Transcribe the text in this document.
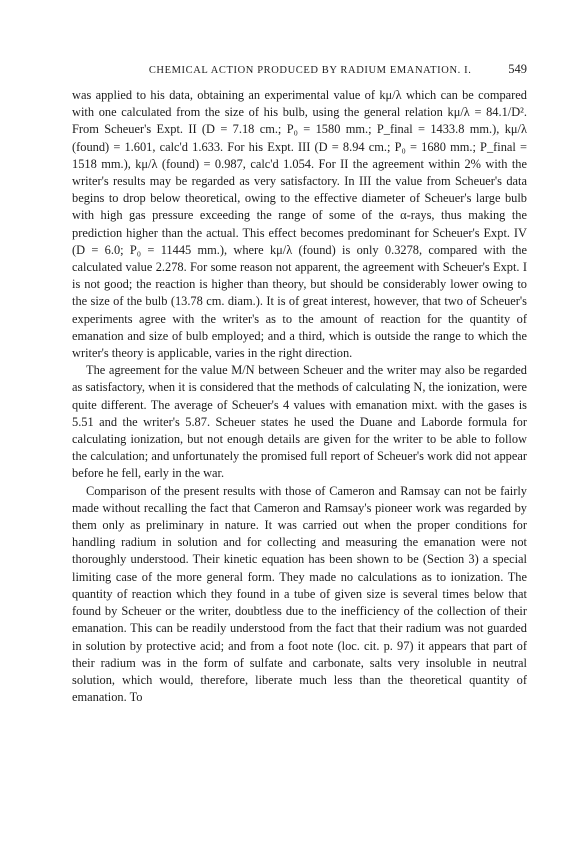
CHEMICAL ACTION PRODUCED BY RADIUM EMANATION. I.	549

was applied to his data, obtaining an experimental value of kμ/λ which can be compared with one calculated from the size of his bulb, using the general relation kμ/λ = 84.1/D². From Scheuer's Expt. II (D = 7.18 cm.; P₀ = 1580 mm.; P_final = 1433.8 mm.), kμ/λ (found) = 1.601, calc'd 1.633. For his Expt. III (D = 8.94 cm.; P₀ = 1680 mm.; P_final = 1518 mm.), kμ/λ (found) = 0.987, calc'd 1.054. For II the agreement within 2% with the writer's results may be regarded as very satisfactory. In III the value from Scheuer's data begins to drop below theoretical, owing to the effective diameter of Scheuer's large bulb with high gas pressure exceeding the range of some of the α-rays, thus making the prediction higher than the actual. This effect becomes predominant for Scheuer's Expt. IV (D = 6.0; P₀ = 11445 mm.), where kμ/λ (found) is only 0.3278, compared with the calculated value 2.278. For some reason not apparent, the agreement with Scheuer's Expt. I is not good; the reaction is higher than theory, but should be considerably lower owing to the size of the bulb (13.78 cm. diam.). It is of great interest, however, that two of Scheuer's experiments agree with the writer's as to the amount of reaction for the quantity of emanation and size of bulb employed; and a third, which is outside the range to which the writer's theory is applicable, varies in the right direction.

The agreement for the value M/N between Scheuer and the writer may also be regarded as satisfactory, when it is considered that the methods of calculating N, the ionization, were quite different. The average of Scheuer's 4 values with emanation mixt. with the gases is 5.51 and the writer's 5.87. Scheuer states he used the Duane and Laborde formula for calculating ionization, but not enough details are given for the writer to be able to follow the calculation; and unfortunately the promised full report of Scheuer's work did not appear before he fell, early in the war.

Comparison of the present results with those of Cameron and Ramsay can not be fairly made without recalling the fact that Cameron and Ramsay's pioneer work was regarded by them only as preliminary in nature. It was carried out when the proper conditions for handling radium in solution and for collecting and measuring the emanation were not thoroughly understood. Their kinetic equation has been shown to be (Section 3) a special limiting case of the more general form. They made no calculations as to ionization. The quantity of reaction which they found in a tube of given size is several times below that found by Scheuer or the writer, doubtless due to the inefficiency of the collection of their emanation. This can be readily understood from the fact that their radium was not guarded in solution by protective acid; and from a foot note (loc. cit. p. 97) it appears that part of their radium was in the form of sulfate and carbonate, salts very insoluble in neutral solution, which would, therefore, liberate much less than the theoretical quantity of emanation. To
